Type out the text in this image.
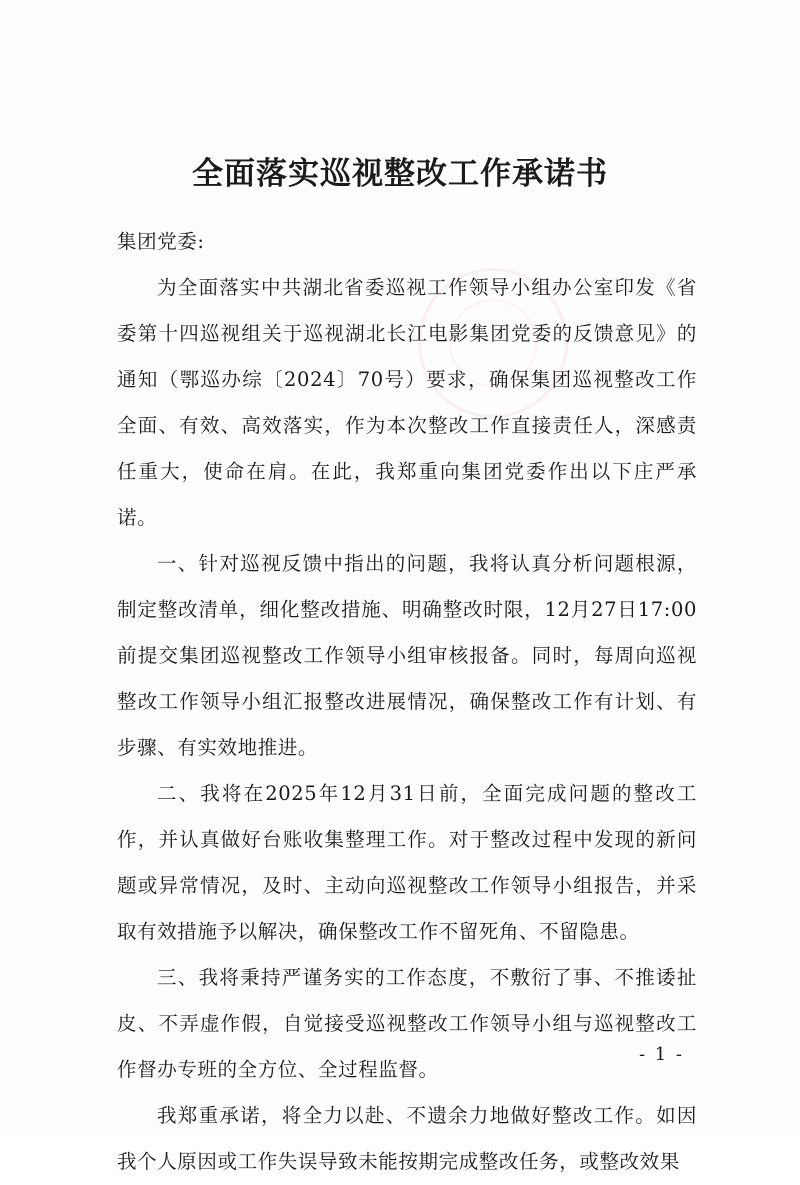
全面落实巡视整改工作承诺书

集团党委:

为全面落实中共湖北省委巡视工作领导小组办公室印发《省委第十四巡视组关于巡视湖北长江电影集团党委的反馈意见》的通知（鄂巡办综〔2024〕70号）要求，确保集团巡视整改工作全面、有效、高效落实，作为本次整改工作直接责任人，深感责任重大，使命在肩。在此，我郑重向集团党委作出以下庄严承诺。

一、针对巡视反馈中指出的问题，我将认真分析问题根源，制定整改清单，细化整改措施、明确整改时限，12月27日17:00前提交集团巡视整改工作领导小组审核报备。同时，每周向巡视整改工作领导小组汇报整改进展情况，确保整改工作有计划、有步骤、有实效地推进。

二、我将在2025年12月31日前，全面完成问题的整改工作，并认真做好台账收集整理工作。对于整改过程中发现的新问题或异常情况，及时、主动向巡视整改工作领导小组报告，并采取有效措施予以解决，确保整改工作不留死角、不留隐患。

三、我将秉持严谨务实的工作态度，不敷衍了事、不推诿扯皮、不弄虚作假，自觉接受巡视整改工作领导小组与巡视整改工作督办专班的全方位、全过程监督。

我郑重承诺，将全力以赴、不遗余力地做好整改工作。如因我个人原因或工作失误导致未能按期完成整改任务，或整改效果

- 1 -
